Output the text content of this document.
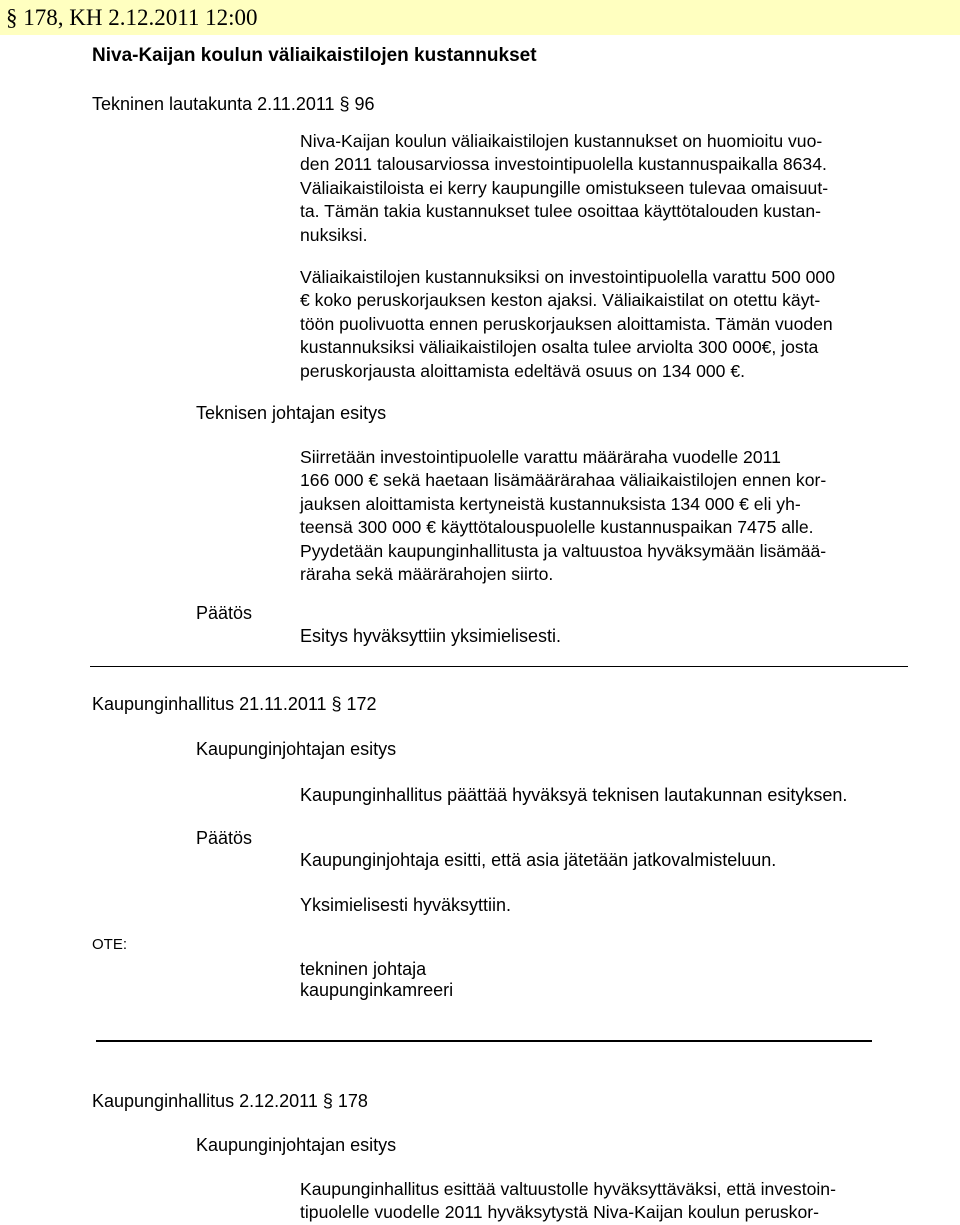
§ 178, KH 2.12.2011 12:00
Niva-Kaijan koulun väliaikaistilojen kustannukset
Tekninen lautakunta 2.11.2011 § 96

Niva-Kaijan koulun väliaikaistilojen kustannukset on huomioitu vuo-

den 2011 talousarviossa investointipuolella kustannuspaikalla 8634.

Väliaikaistiloista ei kerry kaupungille omistukseen tulevaa omaisuut-

ta. Tämän takia kustannukset tulee osoittaa käyttötalouden kustan-

nuksiksi.

Väliaikaistilojen kustannuksiksi on investointipuolella varattu 500 000

€ koko peruskorjauksen keston ajaksi. Väliaikaistilat on otettu käyt-

töön puolivuotta ennen peruskorjauksen aloittamista. Tämän vuoden

kustannuksiksi väliaikaistilojen osalta tulee arviolta 300 000€, josta

peruskorjausta aloittamista edeltävä osuus on 134 000 €.

Teknisen johtajan esitys

Siirretään investointipuolelle varattu määräraha vuodelle 2011

166 000 € sekä haetaan lisämäärärahaa väliaikaistilojen ennen kor-

jauksen aloittamista kertyneistä kustannuksista 134 000 € eli yh-

teensä 300 000 € käyttötalouspuolelle kustannuspaikan 7475 alle.

Pyydetään kaupunginhallitusta ja valtuustoa hyväksymään lisämää-

räraha sekä määrärahojen siirto.

Päätös
Esitys hyväksyttiin yksimielisesti.
Kaupunginhallitus 21.11.2011 § 172
Kaupunginjohtajan esitys
Kaupunginhallitus päättää hyväksyä teknisen lautakunnan esityksen.
Päätös
Kaupunginjohtaja esitti, että asia jätetään jatkovalmisteluun.
Yksimielisesti hyväksyttiin.
OTE:
tekninen johtaja
kaupunginkamreeri
Kaupunginhallitus 2.12.2011 § 178
Kaupunginjohtajan esitys

Kaupunginhallitus esittää valtuustolle hyväksyttäväksi, että investoin-

tipuolelle vuodelle 2011 hyväksytystä Niva-Kaijan koulun peruskor-
